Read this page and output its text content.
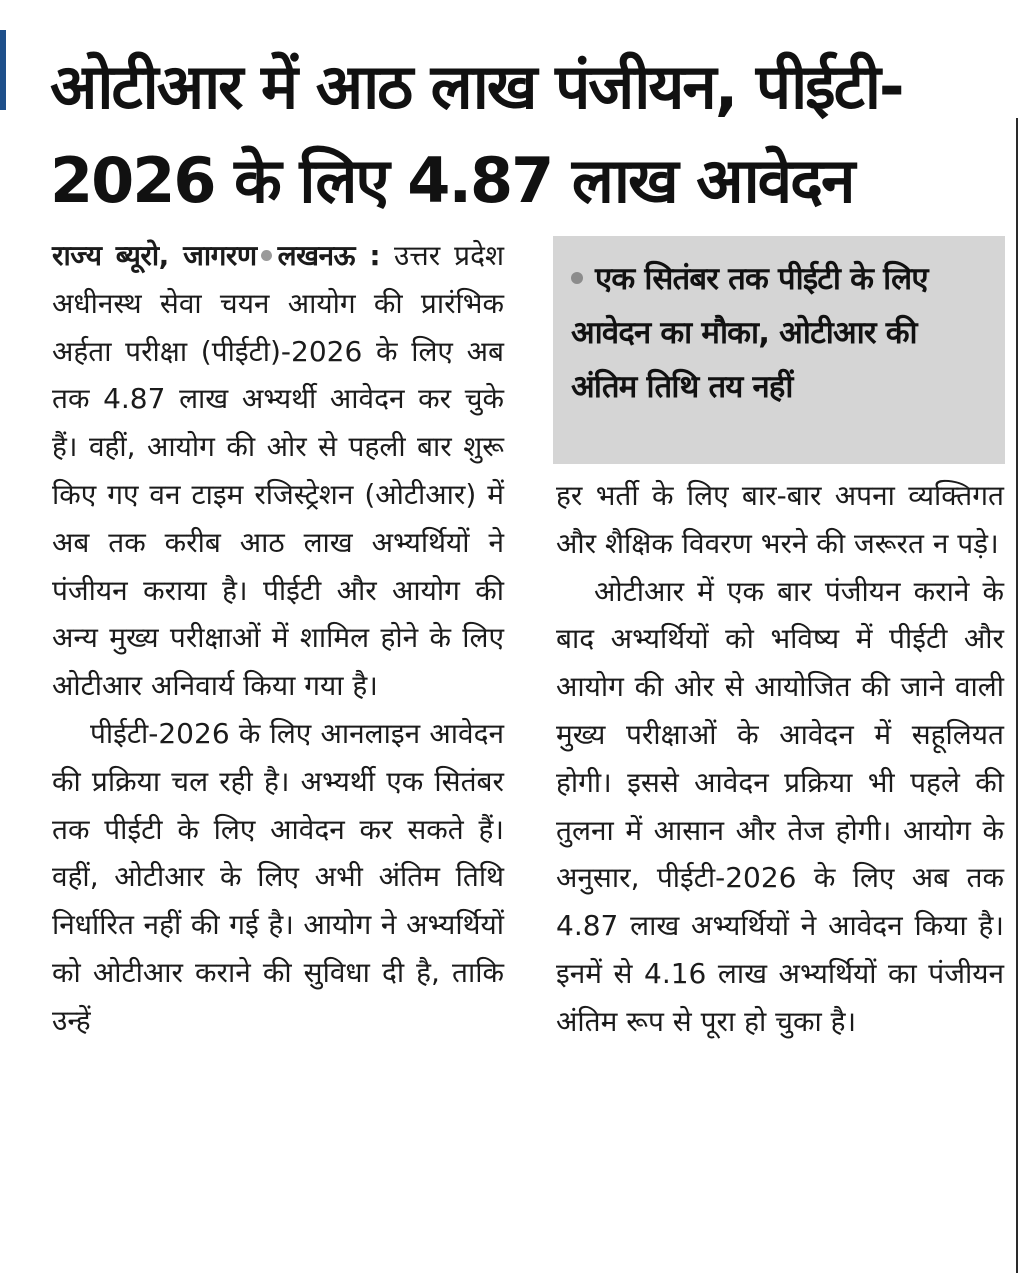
ओटीआर में आठ लाख पंजीयन, पीईटी-
2026 के लिए 4.87 लाख आवेदन

राज्य ब्यूरो, जागरण लखनऊ : उत्तर प्रदेश अधीनस्थ सेवा चयन आयोग की प्रारंभिक अर्हता परीक्षा (पीईटी)-2026 के लिए अब तक 4.87 लाख अभ्यर्थी आवेदन कर चुके हैं। वहीं, आयोग की ओर से पहली बार शुरू किए गए वन टाइम रजिस्ट्रेशन (ओटीआर) में अब तक करीब आठ लाख अभ्यर्थियों ने पंजीयन कराया है। पीईटी और आयोग की अन्य मुख्य परीक्षाओं में शामिल होने के लिए ओटीआर अनिवार्य किया गया है।

पीईटी-2026 के लिए आनलाइन आवेदन की प्रक्रिया चल रही है। अभ्यर्थी एक सितंबर तक पीईटी के लिए आवेदन कर सकते हैं। वहीं, ओटीआर के लिए अभी अंतिम तिथि निर्धारित नहीं की गई है। आयोग ने अभ्यर्थियों को ओटीआर कराने की सुविधा दी है, ताकि उन्हें

एक सितंबर तक पीईटी के लिए आवेदन का मौका, ओटीआर की अंतिम तिथि तय नहीं

हर भर्ती के लिए बार-बार अपना व्यक्तिगत और शैक्षिक विवरण भरने की जरूरत न पड़े।

ओटीआर में एक बार पंजीयन कराने के बाद अभ्यर्थियों को भविष्य में पीईटी और आयोग की ओर से आयोजित की जाने वाली मुख्य परीक्षाओं के आवेदन में सहूलियत होगी। इससे आवेदन प्रक्रिया भी पहले की तुलना में आसान और तेज होगी। आयोग के अनुसार, पीईटी-2026 के लिए अब तक 4.87 लाख अभ्यर्थियों ने आवेदन किया है। इनमें से 4.16 लाख अभ्यर्थियों का पंजीयन अंतिम रूप से पूरा हो चुका है।
